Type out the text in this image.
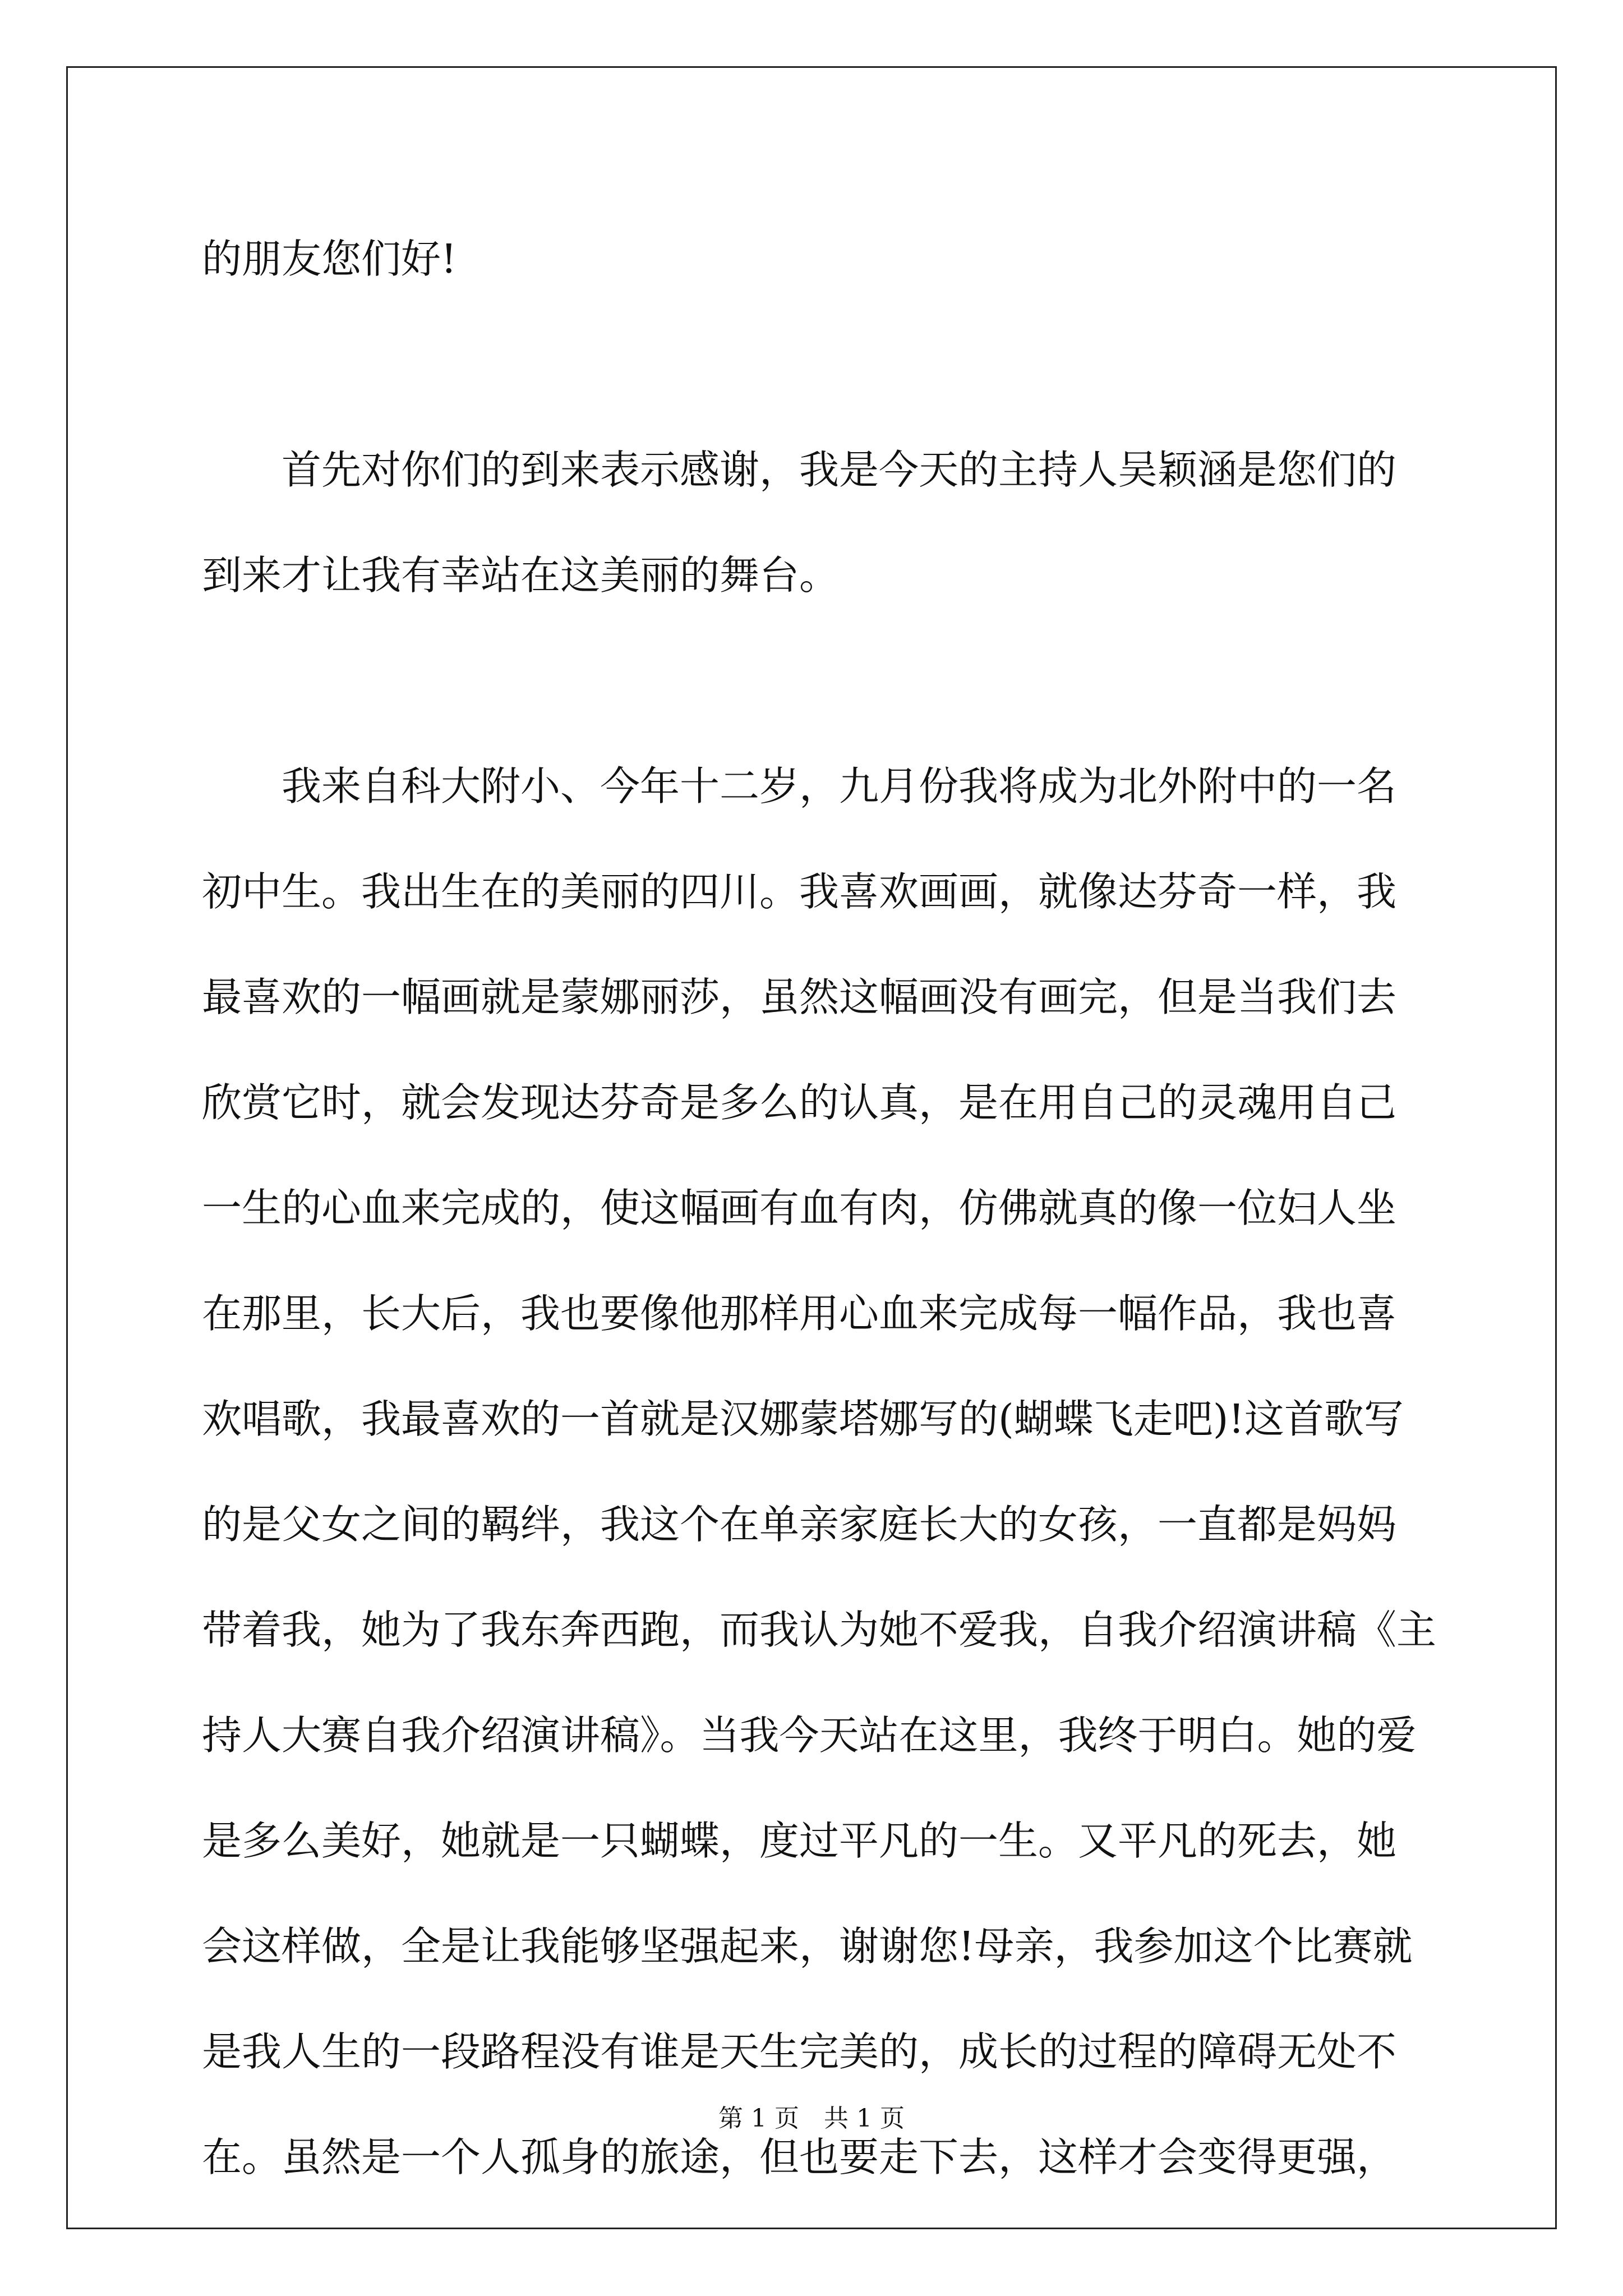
的朋友您们好!
　　首先对你们的到来表示感谢，我是今天的主持人吴颖涵是您们的
到来才让我有幸站在这美丽的舞台。
　　我来自科大附小、今年十二岁，九月份我将成为北外附中的一名
初中生。我出生在的美丽的四川。我喜欢画画，就像达芬奇一样，我
最喜欢的一幅画就是蒙娜丽莎，虽然这幅画没有画完，但是当我们去
欣赏它时，就会发现达芬奇是多么的认真，是在用自己的灵魂用自己
一生的心血来完成的，使这幅画有血有肉，仿佛就真的像一位妇人坐
在那里，长大后，我也要像他那样用心血来完成每一幅作品，我也喜
欢唱歌，我最喜欢的一首就是汉娜蒙塔娜写的(蝴蝶飞走吧)!这首歌写
的是父女之间的羁绊，我这个在单亲家庭长大的女孩，一直都是妈妈
带着我，她为了我东奔西跑，而我认为她不爱我，自我介绍演讲稿《主
持人大赛自我介绍演讲稿》。当我今天站在这里，我终于明白。她的爱
是多么美好，她就是一只蝴蝶，度过平凡的一生。又平凡的死去，她
会这样做，全是让我能够坚强起来，谢谢您!母亲，我参加这个比赛就
是我人生的一段路程没有谁是天生完美的，成长的过程的障碍无处不
在。虽然是一个人孤身的旅途，但也要走下去，这样才会变得更强，
第 1 页　共 1 页
